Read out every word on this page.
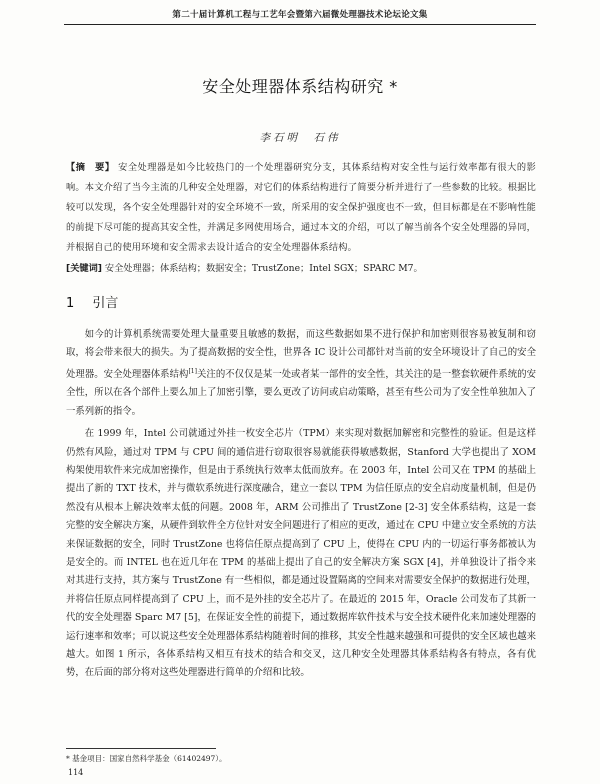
第二十届计算机工程与工艺年会暨第六届微处理器技术论坛论文集
安全处理器体系结构研究 *
李石明　石伟
【摘　要】 安全处理器是如今比较热门的一个处理器研究分支，其体系结构对安全性与运行效率都有很大的影响。本文介绍了当今主流的几种安全处理器，对它们的体系结构进行了简要分析并进行了一些参数的比较。根据比较可以发现，各个安全处理器针对的安全环境不一致，所采用的安全保护强度也不一致，但目标都是在不影响性能的前提下尽可能的提高其安全性，并满足多网使用场合，通过本文的介绍，可以了解当前各个安全处理器的异同，并根据自己的使用环境和安全需求去设计适合的安全处理器体系结构。
[关键词] 安全处理器；体系结构；数据安全；TrustZone；Intel SGX；SPARC M7。
1 引言

如今的计算机系统需要处理大量重要且敏感的数据，而这些数据如果不进行保护和加密则很容易被复制和窃取，将会带来很大的损失。为了提高数据的安全性，世界各 IC 设计公司都针对当前的安全环境设计了自己的安全处理器。安全处理器体系结构[1]关注的不仅仅是某一处或者某一部件的安全性，其关注的是一整套软硬件系统的安全性，所以在各个部件上要么加上了加密引擎，要么更改了访问或启动策略，甚至有些公司为了安全性单独加入了一系列新的指令。

在 1999 年，Intel 公司就通过外挂一枚安全芯片（TPM）来实现对数据加解密和完整性的验证。但是这样仍然有风险，通过对 TPM 与 CPU 间的通信进行窃取很容易就能获得敏感数据，Stanford 大学也提出了 XOM 构架使用软件来完成加密操作，但是由于系统执行效率太低而放弃。在 2003 年，Intel 公司又在 TPM 的基础上提出了新的 TXT 技术，并与微软系统进行深度融合，建立一套以 TPM 为信任原点的安全启动度量机制，但是仍然没有从根本上解决效率太低的问题。2008 年，ARM 公司推出了 TrustZone [2-3] 安全体系结构，这是一套完整的安全解决方案，从硬件到软件全方位针对安全问题进行了相应的更改，通过在 CPU 中建立安全系统的方法来保证数据的安全，同时 TrustZone 也将信任原点提高到了 CPU 上，使得在 CPU 内的一切运行事务都被认为是安全的。而 INTEL 也在近几年在 TPM 的基础上提出了自己的安全解决方案 SGX [4]，并单独设计了指令来对其进行支持，其方案与 TrustZone 有一些相似，都是通过设置隔离的空间来对需要安全保护的数据进行处理，并将信任原点同样提高到了 CPU 上，而不是外挂的安全芯片了。在最近的 2015 年，Oracle 公司发布了其新一代的安全处理器 Sparc M7 [5]，在保证安全性的前提下，通过数据库软件技术与安全技术硬件化来加速处理器的运行速率和效率；可以说这些安全处理器体系结构随着时间的推移，其安全性越来越强和可提供的安全区域也越来越大。如图 1 所示，各体系结构又相互有技术的结合和交叉，这几种安全处理器其体系结构各有特点，各有优势，在后面的部分将对这些处理器进行简单的介绍和比较。

* 基金项目：国家自然科学基金（61402497）。
114
